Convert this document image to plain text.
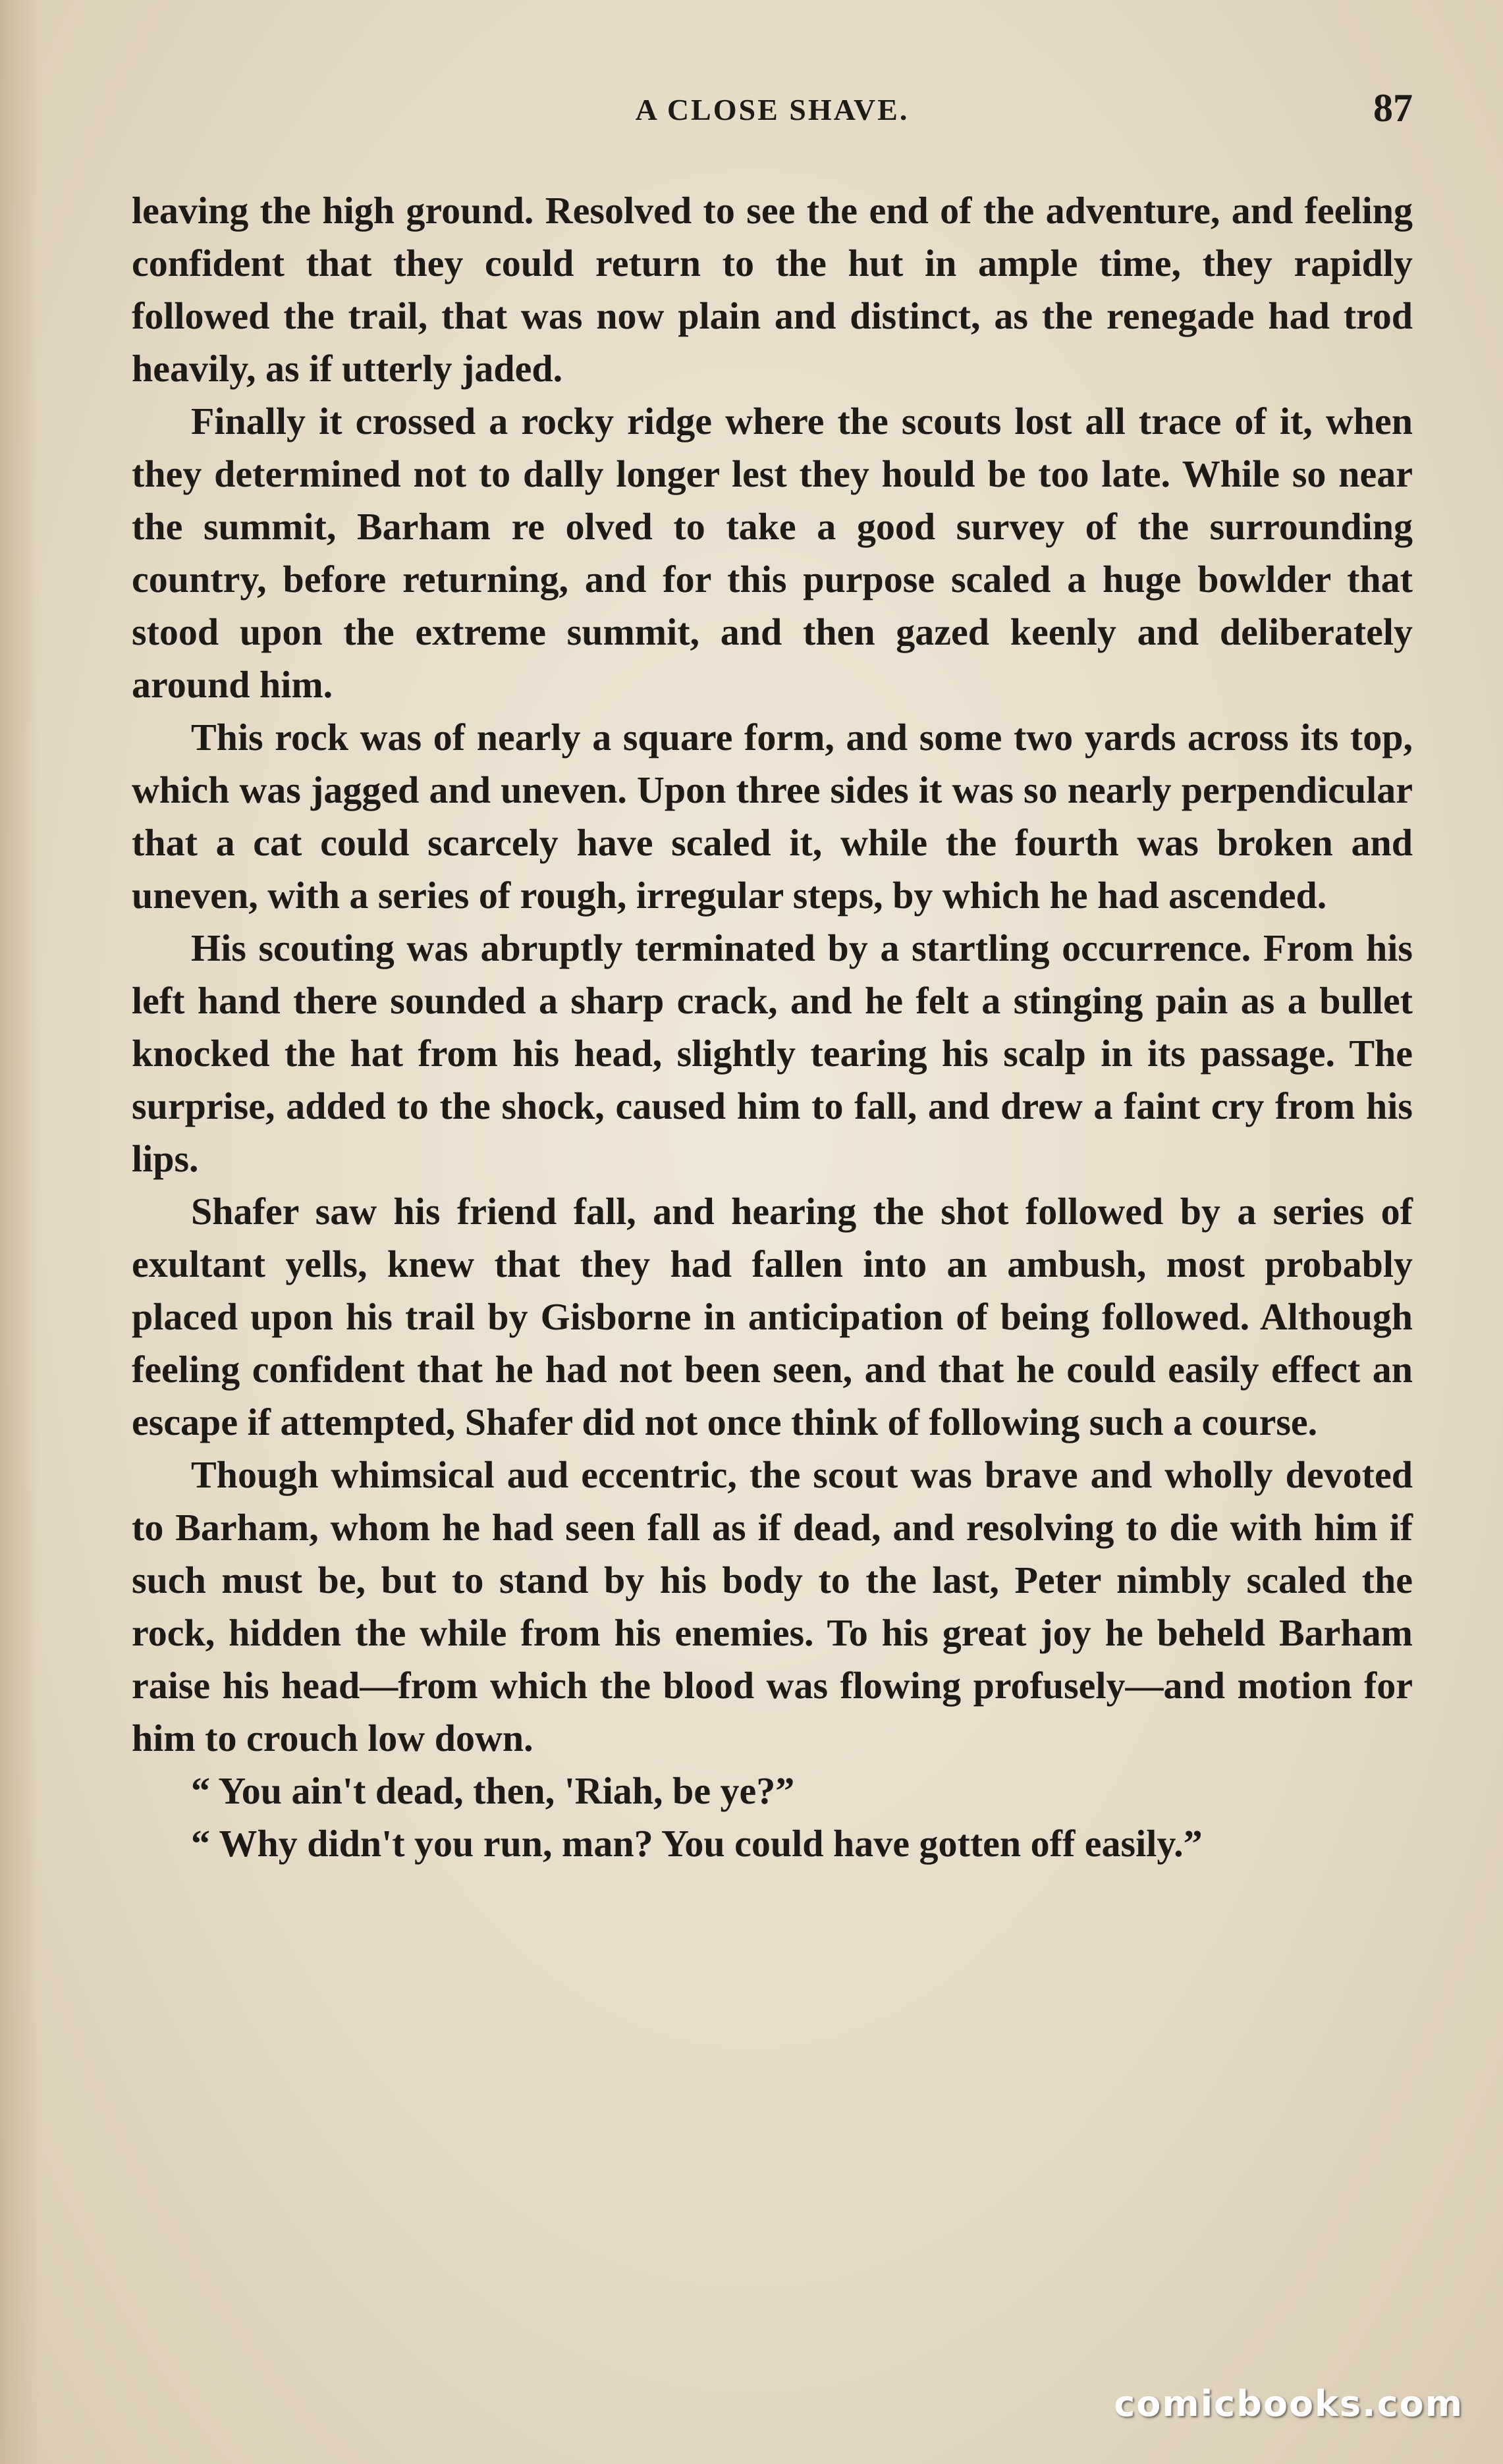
A CLOSE SHAVE.	87

leaving the high ground. Resolved to see the end of the adventure, and feeling confident that they could return to the hut in ample time, they rapidly followed the trail, that was now plain and distinct, as the renegade had trod heavily, as if utterly jaded.

Finally it crossed a rocky ridge where the scouts lost all trace of it, when they determined not to dally longer lest they hould be too late. While so near the summit, Barham re olved to take a good survey of the surrounding country, before returning, and for this purpose scaled a huge bowlder that stood upon the extreme summit, and then gazed keenly and deliberately around him.

This rock was of nearly a square form, and some two yards across its top, which was jagged and uneven. Upon three sides it was so nearly perpendicular that a cat could scarcely have scaled it, while the fourth was broken and uneven, with a series of rough, irregular steps, by which he had ascended.

His scouting was abruptly terminated by a startling occurrence. From his left hand there sounded a sharp crack, and he felt a stinging pain as a bullet knocked the hat from his head, slightly tearing his scalp in its passage. The surprise, added to the shock, caused him to fall, and drew a faint cry from his lips.

Shafer saw his friend fall, and hearing the shot followed by a series of exultant yells, knew that they had fallen into an ambush, most probably placed upon his trail by Gisborne in anticipation of being followed. Although feeling confident that he had not been seen, and that he could easily effect an escape if attempted, Shafer did not once think of following such a course.

Though whimsical aud eccentric, the scout was brave and wholly devoted to Barham, whom he had seen fall as if dead, and resolving to die with him if such must be, but to stand by his body to the last, Peter nimbly scaled the rock, hidden the while from his enemies. To his great joy he beheld Barham raise his head—from which the blood was flowing profusely—and motion for him to crouch low down.

“ You ain't dead, then, 'Riah, be ye?”

“ Why didn't you run, man? You could have gotten off easily.”

comicbooks.com
